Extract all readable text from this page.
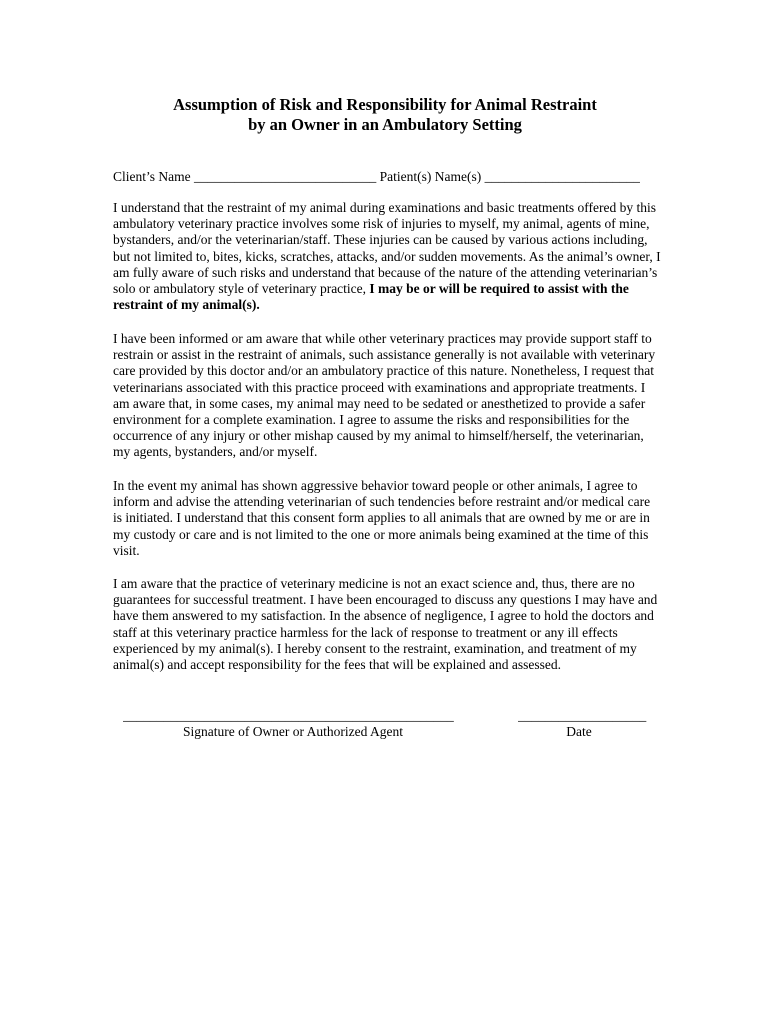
Assumption of Risk and Responsibility for Animal Restraint
by an Owner in an Ambulatory Setting
Client’s Name ___________________________ Patient(s) Name(s) _______________________

I understand that the restraint of my animal during examinations and basic treatments offered by this ambulatory veterinary practice involves some risk of injuries to myself, my animal, agents of mine, bystanders, and/or the veterinarian/staff. These injuries can be caused by various actions including, but not limited to, bites, kicks, scratches, attacks, and/or sudden movements. As the animal’s owner, I am fully aware of such risks and understand that because of the nature of the attending veterinarian’s solo or ambulatory style of veterinary practice, I may be or will be required to assist with the restraint of my animal(s).

I have been informed or am aware that while other veterinary practices may provide support staff to restrain or assist in the restraint of animals, such assistance generally is not available with veterinary care provided by this doctor and/or an ambulatory practice of this nature. Nonetheless, I request that veterinarians associated with this practice proceed with examinations and appropriate treatments. I am aware that, in some cases, my animal may need to be sedated or anesthetized to provide a safer environment for a complete examination. I agree to assume the risks and responsibilities for the occurrence of any injury or other mishap caused by my animal to himself/herself, the veterinarian, my agents, bystanders, and/or myself.

In the event my animal has shown aggressive behavior toward people or other animals, I agree to inform and advise the attending veterinarian of such tendencies before restraint and/or medical care is initiated. I understand that this consent form applies to all animals that are owned by me or are in my custody or care and is not limited to the one or more animals being examined at the time of this visit.

I am aware that the practice of veterinary medicine is not an exact science and, thus, there are no guarantees for successful treatment. I have been encouraged to discuss any questions I may have and have them answered to my satisfaction. In the absence of negligence, I agree to hold the doctors and staff at this veterinary practice harmless for the lack of response to treatment or any ill effects experienced by my animal(s). I hereby consent to the restraint, examination, and treatment of my animal(s) and accept responsibility for the fees that will be explained and assessed.

_________________________________________________
Signature of Owner or Authorized Agent
___________________
Date
